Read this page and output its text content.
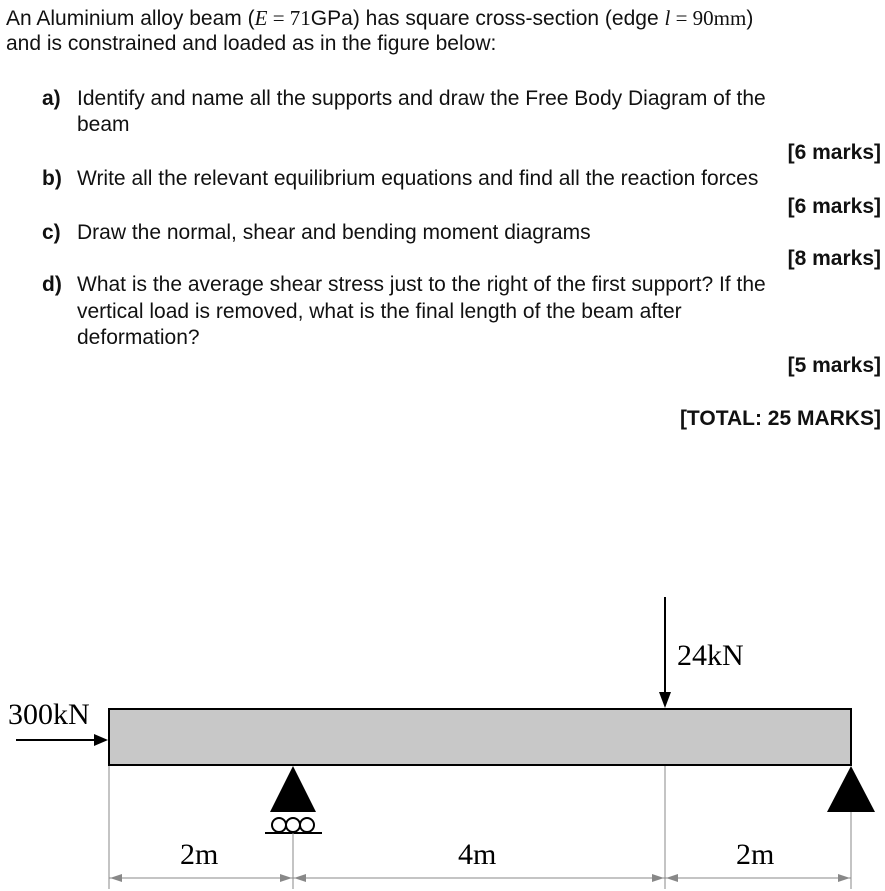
An Aluminium alloy beam (E = 71GPa) has square cross-section (edge l = 90mm)
and is constrained and loaded as in the figure below:
a) Identify and name all the supports and draw the Free Body Diagram of the
beam
[6 marks]
b) Write all the relevant equilibrium equations and find all the reaction forces
[6 marks]
c) Draw the normal, shear and bending moment diagrams
[8 marks]
d) What is the average shear stress just to the right of the first support? If the
vertical load is removed, what is the final length of the beam after
deformation?
[5 marks]
[TOTAL: 25 MARKS]
300kN
24kN
2m	4m	2m
